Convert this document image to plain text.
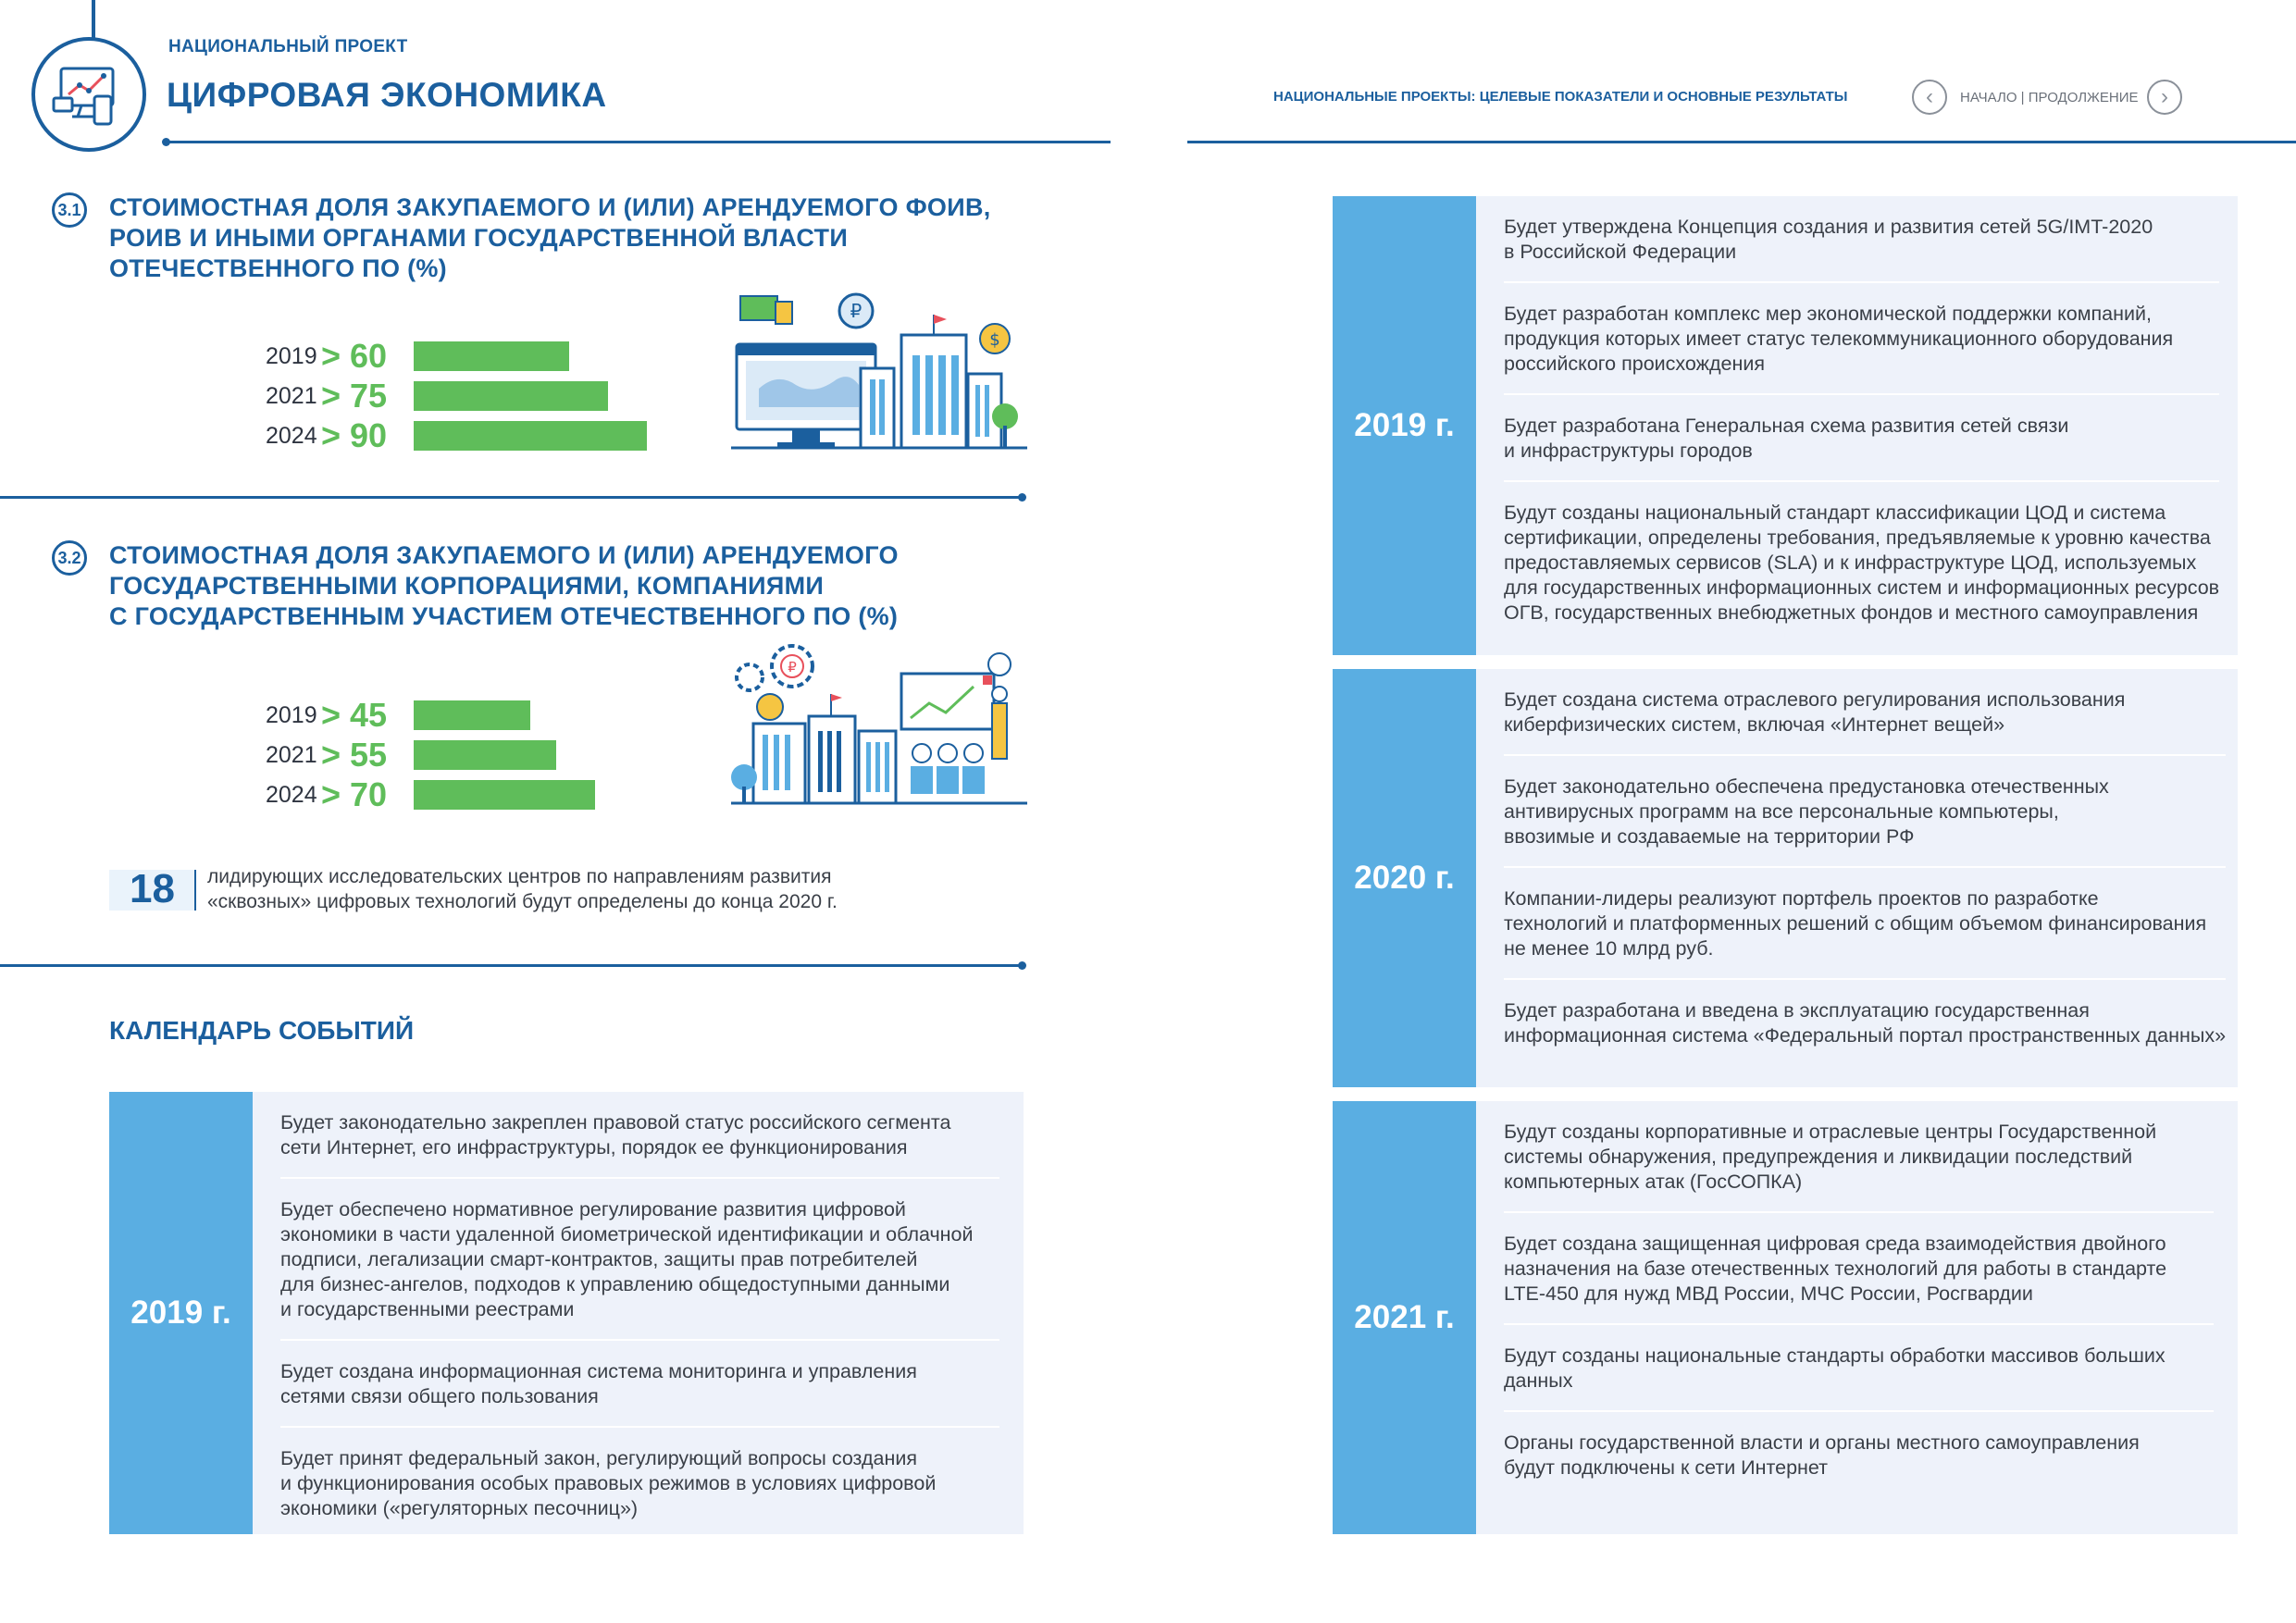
НАЦИОНАЛЬНЫЙ ПРОЕКТ
ЦИФРОВАЯ ЭКОНОМИКА	НАЦИОНАЛЬНЫЕ ПРОЕКТЫ: ЦЕЛЕВЫЕ ПОКАЗАТЕЛИ И ОСНОВНЫЕ РЕЗУЛЬТАТЫ	‹ НАЧАЛО | ПРОДОЛЖЕНИЕ ›
3.1 СТОИМОСТНАЯ ДОЛЯ ЗАКУПАЕМОГО И (ИЛИ) АРЕНДУЕМОГО ФОИВ,
РОИВ И ИНЫМИ ОРГАНАМИ ГОСУДАРСТВЕННОЙ ВЛАСТИ
ОТЕЧЕСТВЕННОГО ПО (%)
2019 > 60
2021 > 75
2024 > 90
₽
$
3.2 СТОИМОСТНАЯ ДОЛЯ ЗАКУПАЕМОГО И (ИЛИ) АРЕНДУЕМОГО
ГОСУДАРСТВЕННЫМИ КОРПОРАЦИЯМИ, КОМПАНИЯМИ
С ГОСУДАРСТВЕННЫМ УЧАСТИЕМ ОТЕЧЕСТВЕННОГО ПО (%)
2019 > 45
2021 > 55
2024 > 70
₽
18 лидирующих исследовательских центров по направлениям развития
«сквозных» цифровых технологий будут определены до конца 2020 г.
КАЛЕНДАРЬ СОБЫТИЙ
2019 г.
Будет законодательно закреплен правовой статус российского сегмента
сети Интернет, его инфраструктуры, порядок ее функционирования
Будет обеспечено нормативное регулирование развития цифровой
экономики в части удаленной биометрической идентификации и облачной
подписи, легализации смарт-контрактов, защиты прав потребителей
для бизнес-ангелов, подходов к управлению общедоступными данными
и государственными реестрами
Будет создана информационная система мониторинга и управления
сетями связи общего пользования
Будет принят федеральный закон, регулирующий вопросы создания
и функционирования особых правовых режимов в условиях цифровой
экономики («регуляторных песочниц»)
2019 г.
Будет утверждена Концепция создания и развития сетей 5G/IMT-2020
в Российской Федерации
Будет разработан комплекс мер экономической поддержки компаний,
продукция которых имеет статус телекоммуникационного оборудования
российского происхождения
Будет разработана Генеральная схема развития сетей связи
и инфраструктуры городов
Будут созданы национальный стандарт классификации ЦОД и система
сертификации, определены требования, предъявляемые к уровню качества
предоставляемых сервисов (SLA) и к инфраструктуре ЦОД, используемых
для государственных информационных систем и информационных ресурсов
ОГВ, государственных внебюджетных фондов и местного самоуправления
2020 г.
Будет создана система отраслевого регулирования использования
киберфизических систем, включая «Интернет вещей»
Будет законодательно обеспечена предустановка отечественных
антивирусных программ на все персональные компьютеры,
ввозимые и создаваемые на территории РФ
Компании-лидеры реализуют портфель проектов по разработке
технологий и платформенных решений с общим объемом финансирования
не менее 10 млрд руб.
Будет разработана и введена в эксплуатацию государственная
информационная система «Федеральный портал пространственных данных»
2021 г.
Будут созданы корпоративные и отраслевые центры Государственной
системы обнаружения, предупреждения и ликвидации последствий
компьютерных атак (ГосСОПКА)
Будет создана защищенная цифровая среда взаимодействия двойного
назначения на базе отечественных технологий для работы в стандарте
LTE-450 для нужд МВД России, МЧС России, Росгвардии
Будут созданы национальные стандарты обработки массивов больших
данных
Органы государственной власти и органы местного самоуправления
будут подключены к сети Интернет
